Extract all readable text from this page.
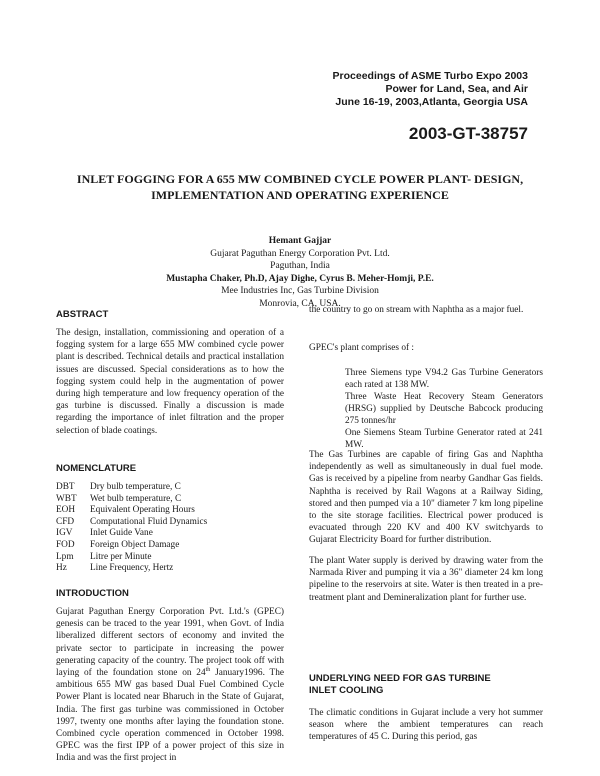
Proceedings of ASME Turbo Expo 2003
Power for Land, Sea, and Air
June 16-19, 2003,Atlanta, Georgia USA
2003-GT-38757
INLET FOGGING FOR A 655 MW COMBINED CYCLE POWER PLANT- DESIGN,
IMPLEMENTATION AND OPERATING EXPERIENCE
Hemant Gajjar
Gujarat Paguthan Energy Corporation Pvt. Ltd.
Paguthan, India
Mustapha Chaker, Ph.D, Ajay Dighe, Cyrus B. Meher-Homji, P.E.
Mee Industries Inc, Gas Turbine Division
Monrovia, CA, USA.
ABSTRACT
The design, installation, commissioning and operation of a fogging system for a large 655 MW combined cycle power plant is described. Technical details and practical installation issues are discussed. Special considerations as to how the fogging system could help in the augmentation of power during high temperature and low frequency operation of the gas turbine is discussed. Finally a discussion is made regarding the importance of inlet filtration and the proper selection of blade coatings.
NOMENCLATURE
DBT	Dry bulb temperature, C
WBT	Wet bulb temperature, C
EOH	Equivalent Operating Hours
CFD	Computational Fluid Dynamics
IGV	Inlet Guide Vane
FOD	Foreign Object Damage
Lpm	Litre per Minute
Hz	Line Frequency, Hertz
INTRODUCTION
Gujarat Paguthan Energy Corporation Pvt. Ltd.'s (GPEC) genesis can be traced to the year 1991, when Govt. of India liberalized different sectors of economy and invited the private sector to participate in increasing the power generating capacity of the country. The project took off with laying of the foundation stone on 24th January1996. The ambitious 655 MW gas based Dual Fuel Combined Cycle Power Plant is located near Bharuch in the State of Gujarat, India. The first gas turbine was commissioned in October 1997, twenty one months after laying the foundation stone. Combined cycle operation commenced in October 1998. GPEC was the first IPP of a power project of this size in India and was the first project in
the country to go on stream with Naphtha as a major fuel.
GPEC's plant comprises of :
Three Siemens type V94.2 Gas Turbine Generators each rated at 138 MW.
Three Waste Heat Recovery Steam Generators (HRSG) supplied by Deutsche Babcock producing 275 tonnes/hr
One Siemens Steam Turbine Generator rated at 241 MW.
The Gas Turbines are capable of firing Gas and Naphtha independently as well as simultaneously in dual fuel mode. Gas is received by a pipeline from nearby Gandhar Gas fields. Naphtha is received by Rail Wagons at a Railway Siding, stored and then pumped via a 10" diameter 7 km long pipeline to the site storage facilities. Electrical power produced is evacuated through 220 KV and 400 KV switchyards to Gujarat Electricity Board for further distribution.
The plant Water supply is derived by drawing water from the Narmada River and pumping it via a 36" diameter 24 km long pipeline to the reservoirs at site. Water is then treated in a pre-treatment plant and Demineralization plant for further use.
UNDERLYING NEED FOR GAS TURBINE
INLET COOLING
The climatic conditions in Gujarat include a very hot summer season where the ambient temperatures can reach temperatures of 45 C. During this period, gas
